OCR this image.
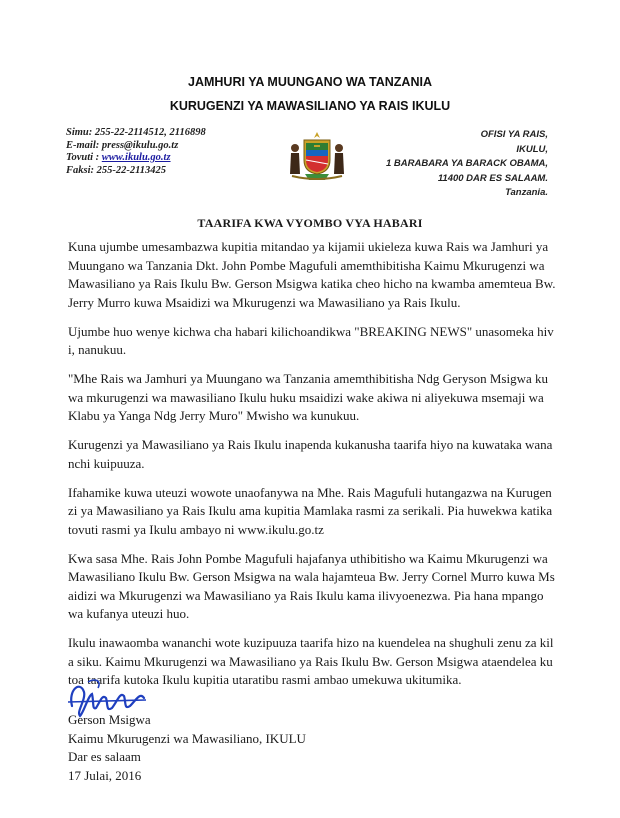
JAMHURI YA MUUNGANO WA TANZANIA
KURUGENZI YA MAWASILIANO YA RAIS IKULU
Simu: 255-22-2114512, 2116898
E-mail: press@ikulu.go.tz
Tovuti : www.ikulu.go.tz
Faksi: 255-22-2113425
OFISI YA RAIS,
IKULU,
1 BARABARA YA BARACK OBAMA,
11400 DAR ES SALAAM.
Tanzania.
TAARIFA KWA VYOMBO VYA HABARI

Kuna ujumbe umesambazwa kupitia mitandao ya kijamii ukieleza kuwa Rais wa Jamhuri ya Muungano wa Tanzania Dkt. John Pombe Magufuli amemthibitisha Kaimu Mkurugenzi wa Mawasiliano ya Rais Ikulu Bw. Gerson Msigwa katika cheo hicho na kwamba amemteua Bw. Jerry Murro kuwa Msaidizi wa Mkurugenzi wa Mawasiliano ya Rais Ikulu.

Ujumbe huo wenye kichwa cha habari kilichoandikwa "BREAKING NEWS" unasomeka hivi, nanukuu.

"Mhe Rais wa Jamhuri ya Muungano wa Tanzania amemthibitisha Ndg Geryson Msigwa kuwa mkurugenzi wa mawasiliano Ikulu huku msaidizi wake akiwa ni aliyekuwa msemaji wa Klabu ya Yanga Ndg Jerry Muro" Mwisho wa kunukuu.

Kurugenzi ya Mawasiliano ya Rais Ikulu inapenda kukanusha taarifa hiyo na kuwataka wananchi kuipuuza.

Ifahamike kuwa uteuzi wowote unaofanywa na Mhe. Rais Magufuli hutangazwa na Kurugenzi ya Mawasiliano ya Rais Ikulu ama kupitia Mamlaka rasmi za serikali. Pia huwekwa katika tovuti rasmi ya Ikulu ambayo ni www.ikulu.go.tz

Kwa sasa Mhe. Rais John Pombe Magufuli hajafanya uthibitisho wa Kaimu Mkurugenzi wa Mawasiliano Ikulu Bw. Gerson Msigwa na wala hajamteua Bw. Jerry Cornel Murro kuwa Msaidizi wa Mkurugenzi wa Mawasiliano ya Rais Ikulu kama ilivyoenezwa. Pia hana mpango wa kufanya uteuzi huo.

Ikulu inawaomba wananchi wote kuzipuuza taarifa hizo na kuendelea na shughuli zenu za kila siku. Kaimu Mkurugenzi wa Mawasiliano ya Rais Ikulu Bw. Gerson Msigwa ataendelea kutoa taarifa kutoka Ikulu kupitia utaratibu rasmi ambao umekuwa ukitumika.

Gerson Msigwa
Kaimu Mkurugenzi wa Mawasiliano, IKULU
Dar es salaam
17 Julai, 2016
